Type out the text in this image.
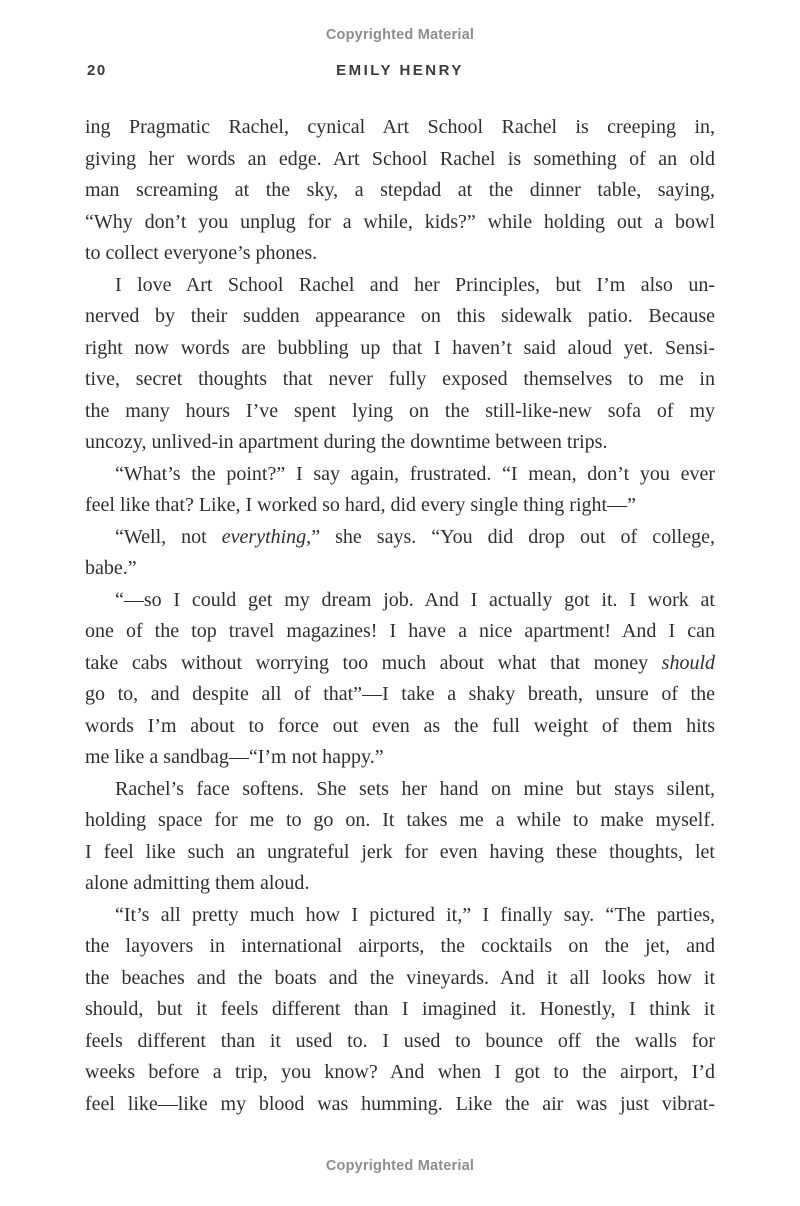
Copyrighted Material
20	EMILY HENRY
ing Pragmatic Rachel, cynical Art School Rachel is creeping in,
giving her words an edge. Art School Rachel is something of an old
man screaming at the sky, a stepdad at the dinner table, saying,
“Why don’t you unplug for a while, kids?” while holding out a bowl
to collect everyone’s phones.
I love Art School Rachel and her Principles, but I’m also un-
nerved by their sudden appearance on this sidewalk patio. Because
right now words are bubbling up that I haven’t said aloud yet. Sensi-
tive, secret thoughts that never fully exposed themselves to me in
the many hours I’ve spent lying on the still-like-new sofa of my
uncozy, unlived-in apartment during the downtime between trips.
“What’s the point?” I say again, frustrated. “I mean, don’t you ever
feel like that? Like, I worked so hard, did every single thing right—”
“Well, not everything,” she says. “You did drop out of college,
babe.”
“—so I could get my dream job. And I actually got it. I work at
one of the top travel magazines! I have a nice apartment! And I can
take cabs without worrying too much about what that money should
go to, and despite all of that”—I take a shaky breath, unsure of the
words I’m about to force out even as the full weight of them hits
me like a sandbag—“I’m not happy.”
Rachel’s face softens. She sets her hand on mine but stays silent,
holding space for me to go on. It takes me a while to make myself.
I feel like such an ungrateful jerk for even having these thoughts, let
alone admitting them aloud.
“It’s all pretty much how I pictured it,” I finally say. “The parties,
the layovers in international airports, the cocktails on the jet, and
the beaches and the boats and the vineyards. And it all looks how it
should, but it feels different than I imagined it. Honestly, I think it
feels different than it used to. I used to bounce off the walls for
weeks before a trip, you know? And when I got to the airport, I’d
feel like—like my blood was humming. Like the air was just vibrat-
Copyrighted Material
